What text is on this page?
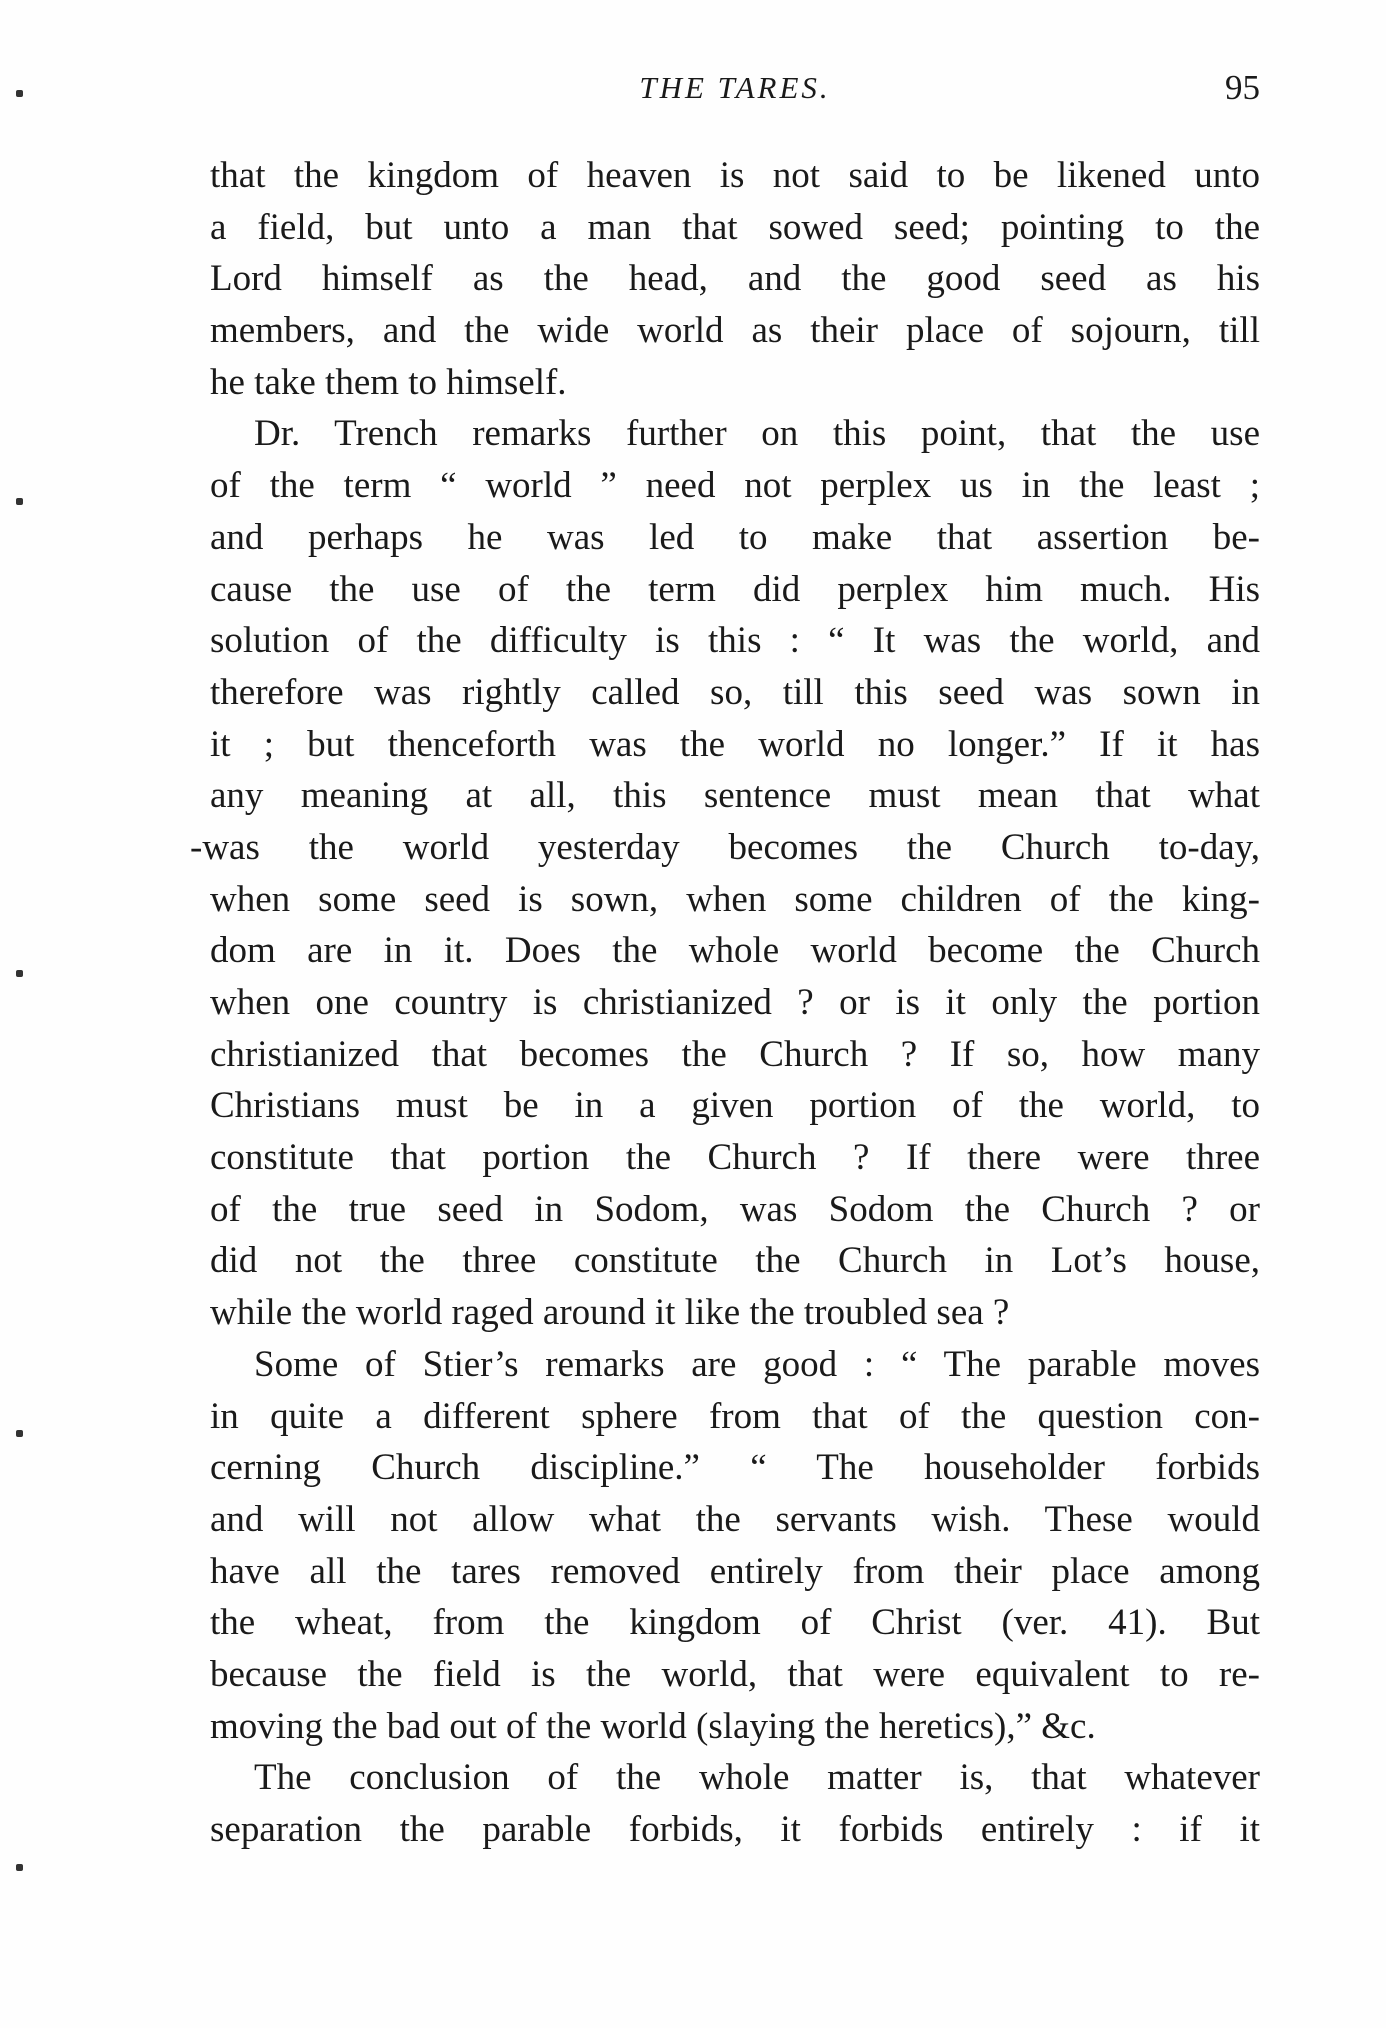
THE TARES.	95
that the kingdom of heaven is not said to be likened unto
a field, but unto a man that sowed seed; pointing to the
Lord himself as the head, and the good seed as his
members, and the wide world as their place of sojourn, till
he take them to himself.
Dr. Trench remarks further on this point, that the use
of the term “ world ” need not perplex us in the least ;
and perhaps he was led to make that assertion be-
cause the use of the term did perplex him much. His
solution of the difficulty is this : “ It was the world, and
therefore was rightly called so, till this seed was sown in
it ; but thenceforth was the world no longer.” If it has
any meaning at all, this sentence must mean that what
-was the world yesterday becomes the Church to-day,
when some seed is sown, when some children of the king-
dom are in it. Does the whole world become the Church
when one country is christianized ? or is it only the portion
christianized that becomes the Church ? If so, how many
Christians must be in a given portion of the world, to
constitute that portion the Church ? If there were three
of the true seed in Sodom, was Sodom the Church ? or
did not the three constitute the Church in Lot’s house,
while the world raged around it like the troubled sea ?
Some of Stier’s remarks are good : “ The parable moves
in quite a different sphere from that of the question con-
cerning Church discipline.” “ The householder forbids
and will not allow what the servants wish. These would
have all the tares removed entirely from their place among
the wheat, from the kingdom of Christ (ver. 41). But
because the field is the world, that were equivalent to re-
moving the bad out of the world (slaying the heretics),” &c.
The conclusion of the whole matter is, that whatever
separation the parable forbids, it forbids entirely : if it
